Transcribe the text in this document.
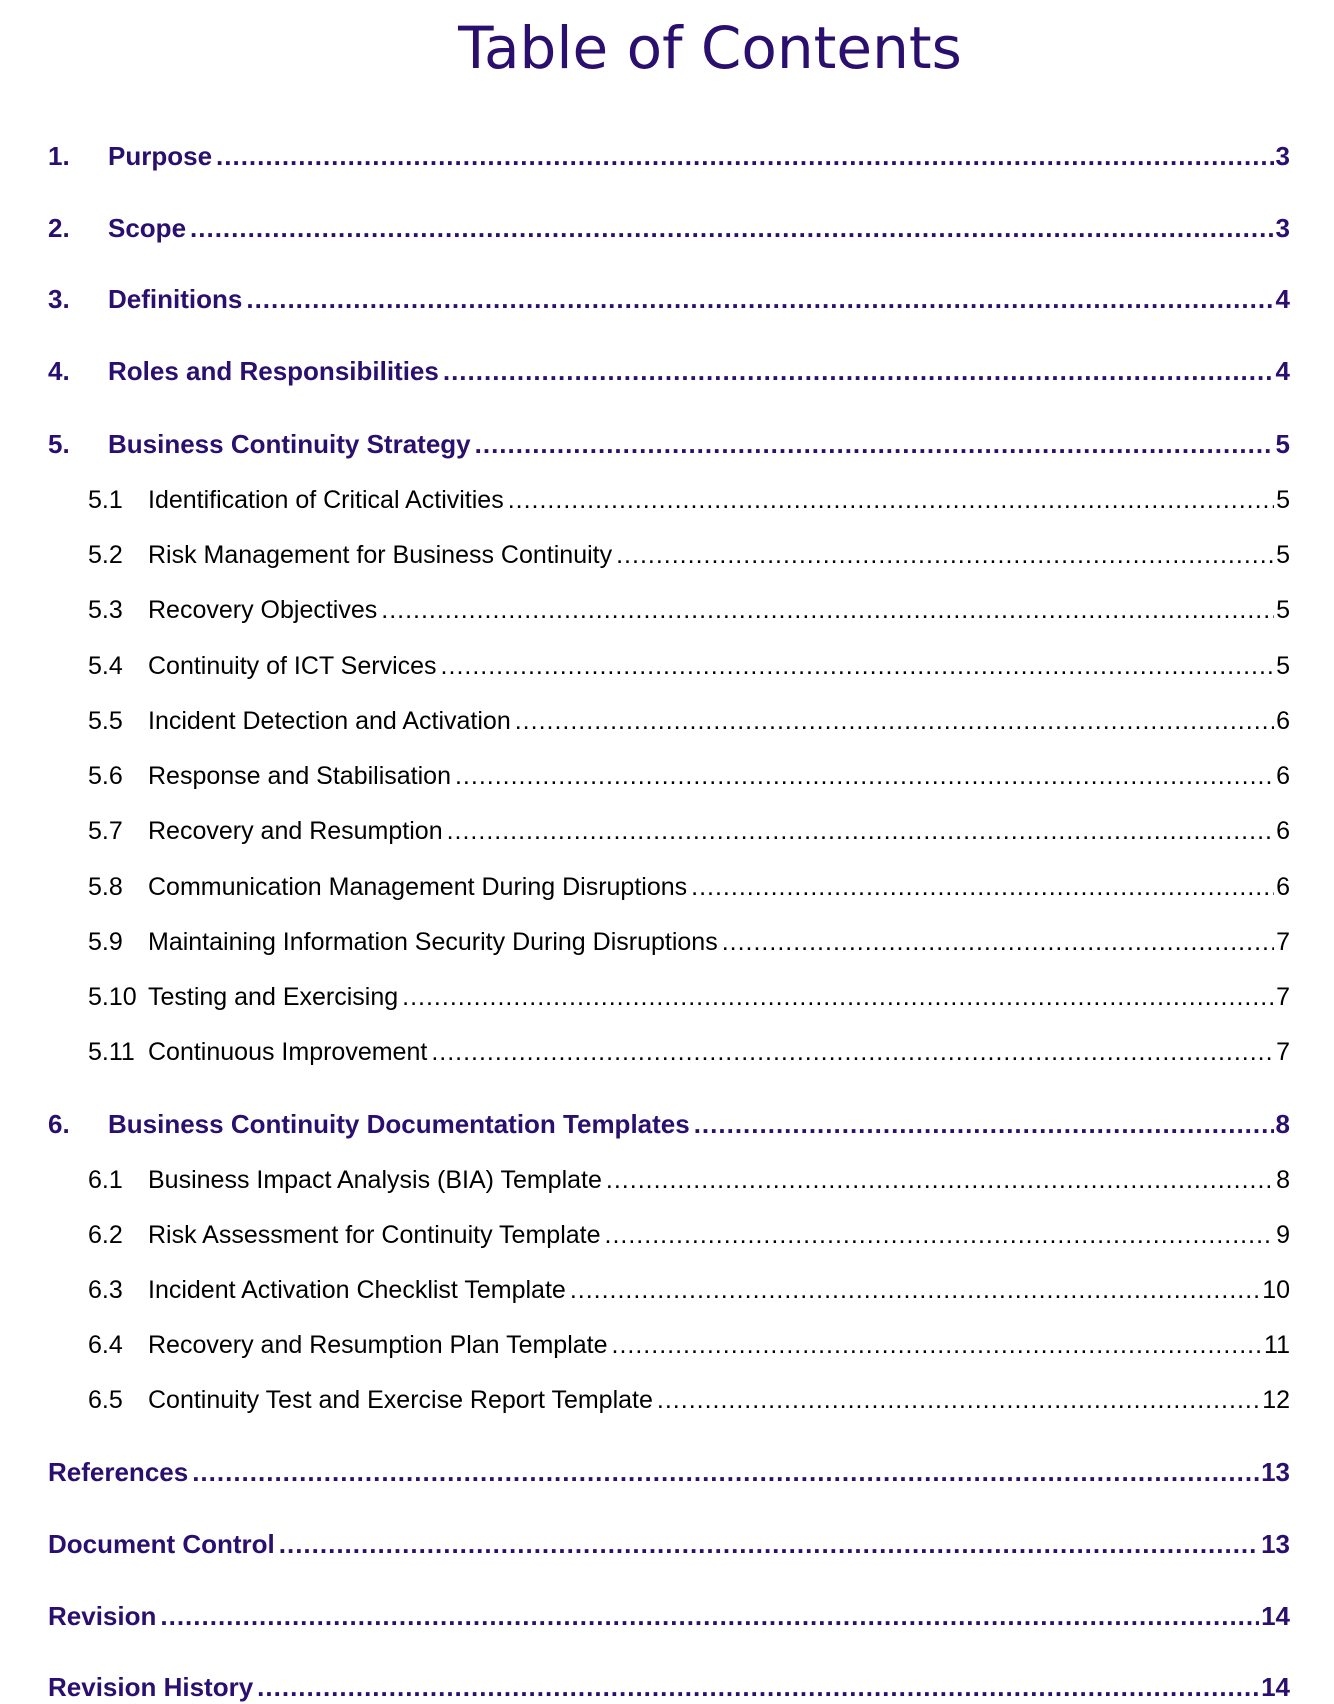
Table of Contents
1.	Purpose .....	3
2.	Scope .....	3
3.	Definitions .....	4
4.	Roles and Responsibilities .....	4
5.	Business Continuity Strategy .....	5
5.1	Identification of Critical Activities .....	5
5.2	Risk Management for Business Continuity .....	5
5.3	Recovery Objectives .....	5
5.4	Continuity of ICT Services .....	5
5.5	Incident Detection and Activation .....	6
5.6	Response and Stabilisation .....	6
5.7	Recovery and Resumption .....	6
5.8	Communication Management During Disruptions .....	6
5.9	Maintaining Information Security During Disruptions .....	7
5.10 Testing and Exercising .....	7
5.11 Continuous Improvement .....	7
6.	Business Continuity Documentation Templates .....	8
6.1	Business Impact Analysis (BIA) Template .....	8
6.2	Risk Assessment for Continuity Template .....	9
6.3	Incident Activation Checklist Template .....	10
6.4	Recovery and Resumption Plan Template .....	11
6.5	Continuity Test and Exercise Report Template .....	12
References .....	13
Document Control .....	13
Revision .....	14
Revision History .....	14
